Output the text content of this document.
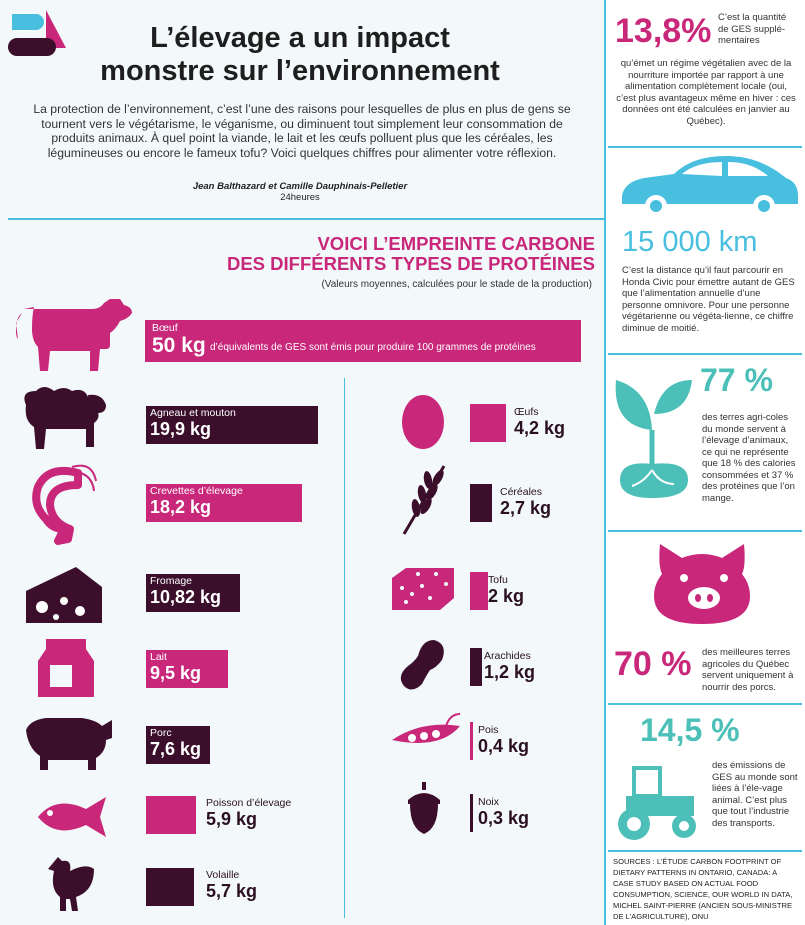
L’élevage a un impact
monstre sur l’environnement
La protection de l’environnement, c’est l’une des raisons pour lesquelles de plus en plus de gens se tournent vers le végétarisme, le véganisme, ou diminuent tout simplement leur consommation de produits animaux. À quel point la viande, le lait et les œufs polluent plus que les céréales, les légumineuses ou encore le fameux tofu? Voici quelques chiffres pour alimenter votre réflexion.
Jean Balthazard et Camille Dauphinais-Pelletier
24heures
VOICI L’EMPREINTE CARBONE
DES DIFFÉRENTS TYPES DE PROTÉINES
(Valeurs moyennes, calculées pour le stade de la production)
Bœuf
50 kg d’équivalents de GES sont émis pour produire 100 grammes de protéines
Agneau et mouton
19,9 kg
Crevettes d’élevage
18,2 kg
Fromage
10,82 kg
Lait
9,5 kg
Porc
7,6 kg
Poisson d’élevage
5,9 kg
Volaille
5,7 kg
Œufs
4,2 kg
Céréales
2,7 kg
Tofu
2 kg
Arachides
1,2 kg
Pois
0,4 kg
Noix
0,3 kg
13,8% C’est la quantité de GES supplé-mentaires
qu’émet un régime végétalien avec de la nourriture importée par rapport à une alimentation complètement locale (oui, c’est plus avantageux même en hiver : ces données ont été calculées en janvier au Québec).
15 000 km
C’est la distance qu’il faut parcourir en Honda Civic pour émettre autant de GES que l’alimentation annuelle d’une personne omnivore. Pour une personne végétarienne ou végéta-lienne, ce chiffre diminue de moitié.
77 %
des terres agri-coles du monde servent à l’élevage d’animaux, ce qui ne représente que 18 % des calories consommées et 37 % des protéines que l’on mange.
70 % des meilleures terres agricoles du Québec servent uniquement à nourrir des porcs.
14,5 %
des émissions de GES au monde sont liées à l’éle-vage animal. C’est plus que tout l’industrie des transports.
SOURCES : L’ÉTUDE CARBON FOOTPRINT OF DIETARY PATTERNS IN ONTARIO, CANADA: A CASE STUDY BASED ON ACTUAL FOOD CONSUMPTION, SCIENCE, OUR WORLD IN DATA, MICHEL SAINT-PIERRE (ANCIEN SOUS-MINISTRE DE L’AGRICULTURE), ONU
